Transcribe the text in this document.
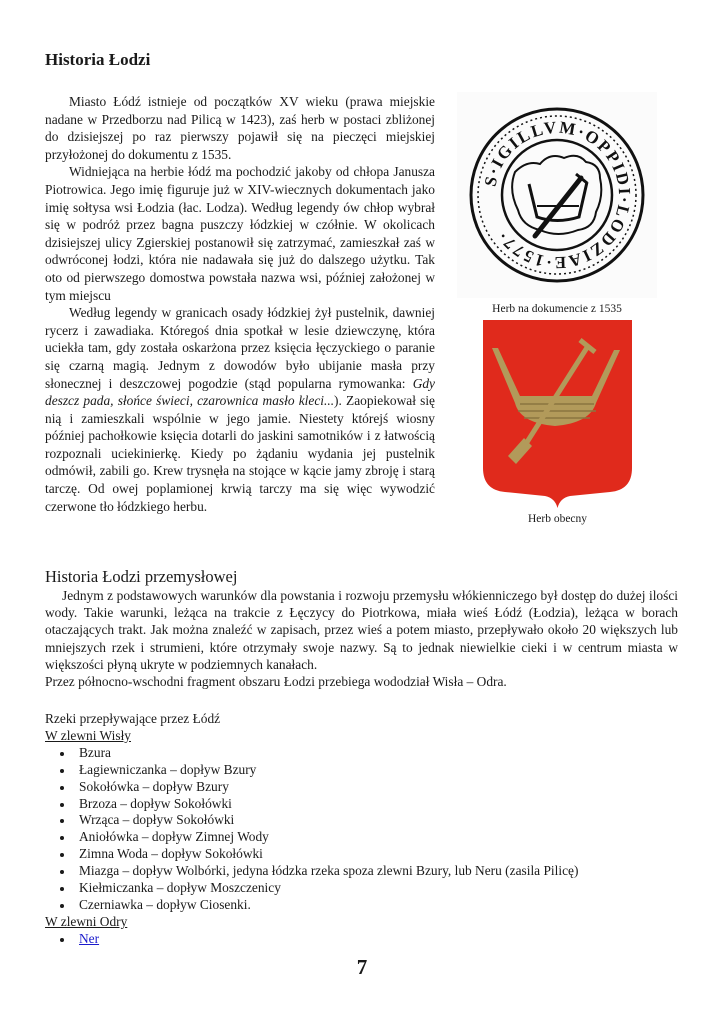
Historia Łodzi

Miasto Łódź istnieje od początków XV wieku (prawa miejskie nadane w Przedborzu nad Pilicą w 1423), zaś herb w postaci zbliżonej do dzisiejszej po raz pierwszy pojawił się na pieczęci miejskiej przyłożonej do dokumentu z 1535.

Widniejąca na herbie łódź ma pochodzić jakoby od chłopa Janusza Piotrowica. Jego imię figuruje już w XIV-wiecznych dokumentach jako imię sołtysa wsi Łodzia (łac. Lodza). Według legendy ów chłop wybrał się w podróż przez bagna puszczy łódzkiej w czółnie. W okolicach dzisiejszej ulicy Zgierskiej postanowił się zatrzymać, zamieszkał zaś w odwróconej łodzi, która nie nadawała się już do dalszego użytku. Tak oto od pierwszego domostwa powstała nazwa wsi, później założonej w tym miejscu

Według legendy w granicach osady łódzkiej żył pustelnik, dawniej rycerz i zawadiaka. Któregoś dnia spotkał w lesie dziewczynę, która uciekła tam, gdy została oskarżona przez księcia łęczyckiego o paranie się czarną magią. Jednym z dowodów było ubijanie masła przy słonecznej i deszczowej pogodzie (stąd popularna rymowanka: Gdy deszcz pada, słońce świeci, czarownica masło kleci...). Zaopiekował się nią i zamieszkali wspólnie w jego jamie. Niestety którejś wiosny później pachołkowie księcia dotarli do jaskini samotników i z łatwością rozpoznali uciekinierkę. Kiedy po żądaniu wydania jej pustelnik odmówił, zabili go. Krew trysnęła na stojące w kącie jamy zbroję i starą tarczę. Od owej poplamionej krwią tarczy ma się więc wywodzić czerwone tło łódzkiego herbu.

S·IGILLVM·OPPIDI·LODZIAE·1577·
Herb na dokumencie z 1535
Herb obecny
Historia Łodzi przemysłowej

Jednym z podstawowych warunków dla powstania i rozwoju przemysłu włókienniczego był dostęp do dużej ilości wody. Takie warunki, leżąca na trakcie z Łęczycy do Piotrkowa, miała wieś Łódź (Łodzia), leżąca w borach otaczających trakt. Jak można znaleźć w zapisach, przez wieś a potem miasto, przepływało około 20 większych lub mniejszych rzek i strumieni, które otrzymały swoje nazwy. Są to jednak niewielkie cieki i w centrum miasta w większości płyną ukryte w podziemnych kanałach.

Przez północno-wschodni fragment obszaru Łodzi przebiega wododział Wisła – Odra.

Rzeki przepływające przez Łódź

W zlewni Wisły

Bzura
Łagiewniczanka – dopływ Bzury
Sokołówka – dopływ Bzury
Brzoza – dopływ Sokołówki
Wrząca – dopływ Sokołówki
Aniołówka – dopływ Zimnej Wody
Zimna Woda – dopływ Sokołówki
Miazga – dopływ Wolbórki, jedyna łódzka rzeka spoza zlewni Bzury, lub Neru (zasila Pilicę)
Kiełmiczanka – dopływ Moszczenicy
Czerniawka – dopływ Ciosenki.

W zlewni Odry

Ner
7
